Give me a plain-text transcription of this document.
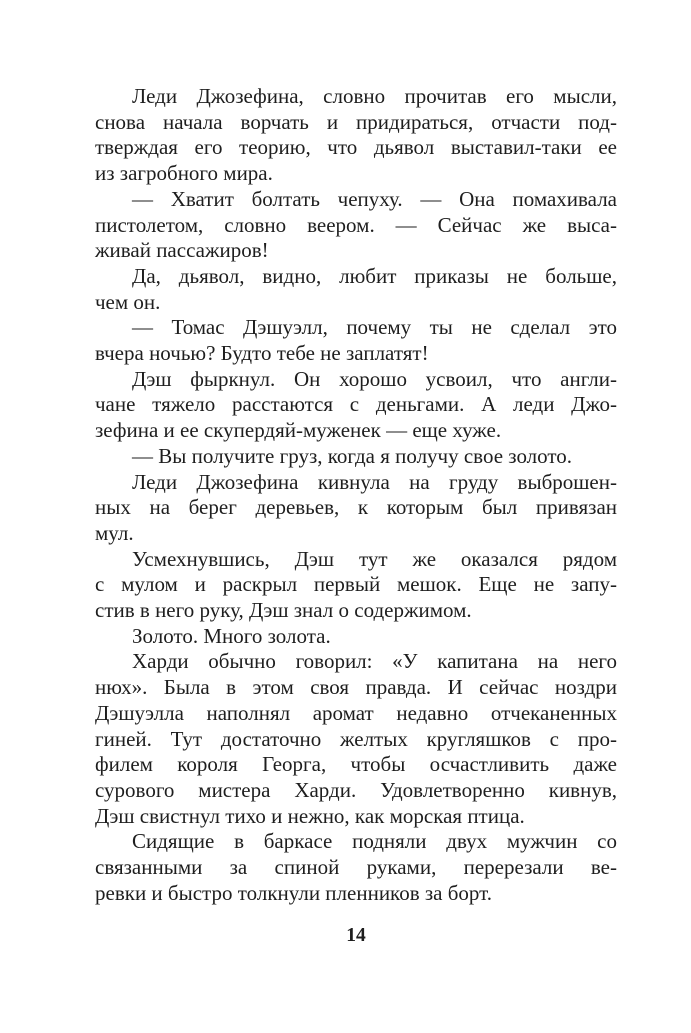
Леди Джозефина, словно прочитав его мысли,
снова начала ворчать и придираться, отчасти под-
тверждая его теорию, что дьявол выставил-таки ее
из загробного мира.
— Хватит болтать чепуху. — Она помахивала
пистолетом, словно веером. — Сейчас же выса-
живай пассажиров!
Да, дьявол, видно, любит приказы не больше,
чем он.
— Томас Дэшуэлл, почему ты не сделал это
вчера ночью? Будто тебе не заплатят!
Дэш фыркнул. Он хорошо усвоил, что англи-
чане тяжело расстаются с деньгами. А леди Джо-
зефина и ее скупердяй-муженек — еще хуже.
— Вы получите груз, когда я получу свое золото.
Леди Джозефина кивнула на груду выброшен-
ных на берег деревьев, к которым был привязан
мул.
Усмехнувшись, Дэш тут же оказался рядом
с мулом и раскрыл первый мешок. Еще не запу-
стив в него руку, Дэш знал о содержимом.
Золото. Много золота.
Харди обычно говорил: «У капитана на него
нюх». Была в этом своя правда. И сейчас ноздри
Дэшуэлла наполнял аромат недавно отчеканенных
гиней. Тут достаточно желтых кругляшков с про-
филем короля Георга, чтобы осчастливить даже
сурового мистера Харди. Удовлетворенно кивнув,
Дэш свистнул тихо и нежно, как морская птица.
Сидящие в баркасе подняли двух мужчин со
связанными за спиной руками, перерезали ве-
ревки и быстро толкнули пленников за борт.
14
